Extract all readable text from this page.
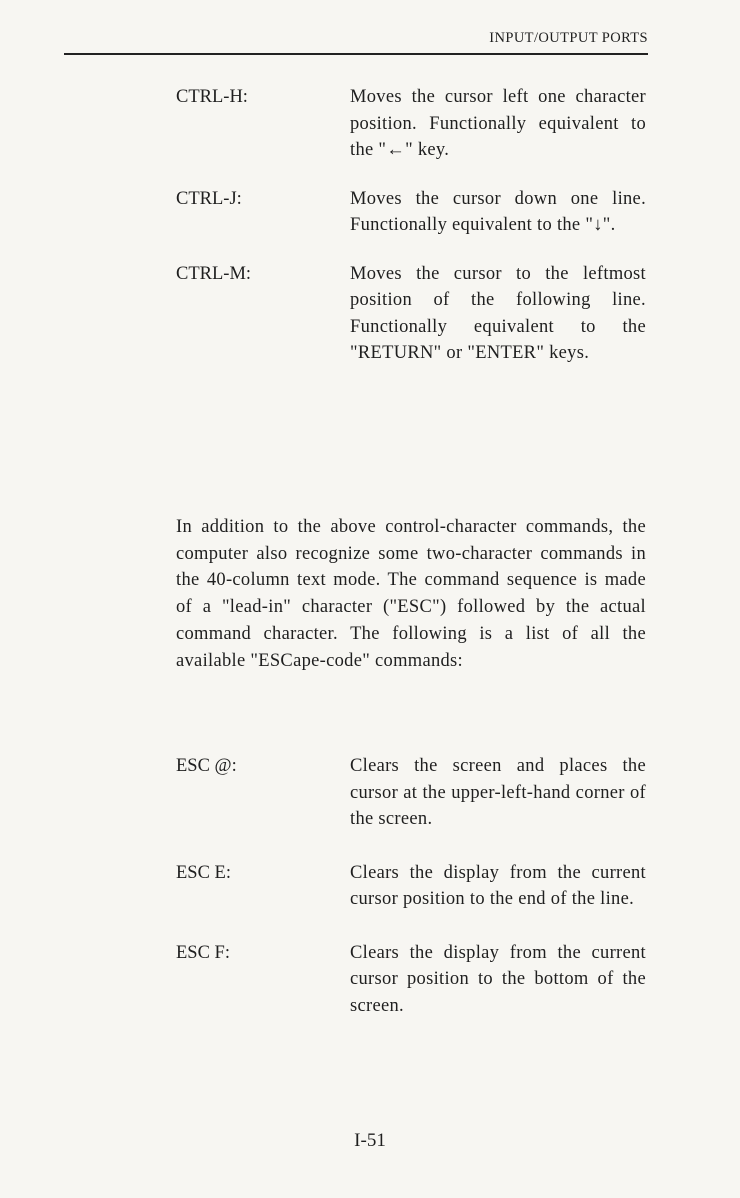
INPUT/OUTPUT PORTS
CTRL-H:	Moves the cursor left one character position. Functionally equivalent to the "←" key.
CTRL-J:	Moves the cursor down one line. Functionally equivalent to the "↓".
CTRL-M:	Moves the cursor to the leftmost position of the following line. Functionally equivalent to the "RETURN" or "ENTER" keys.
In addition to the above control-character commands, the computer also recognize some two-character commands in the 40-column text mode. The command sequence is made of a "lead-in" character ("ESC") followed by the actual command character. The following is a list of all the available "ESCape-code" commands:
ESC @:	Clears the screen and places the cursor at the upper-left-hand corner of the screen.
ESC E:	Clears the display from the current cursor position to the end of the line.
ESC F:	Clears the display from the current cursor position to the bottom of the screen.
I-51
